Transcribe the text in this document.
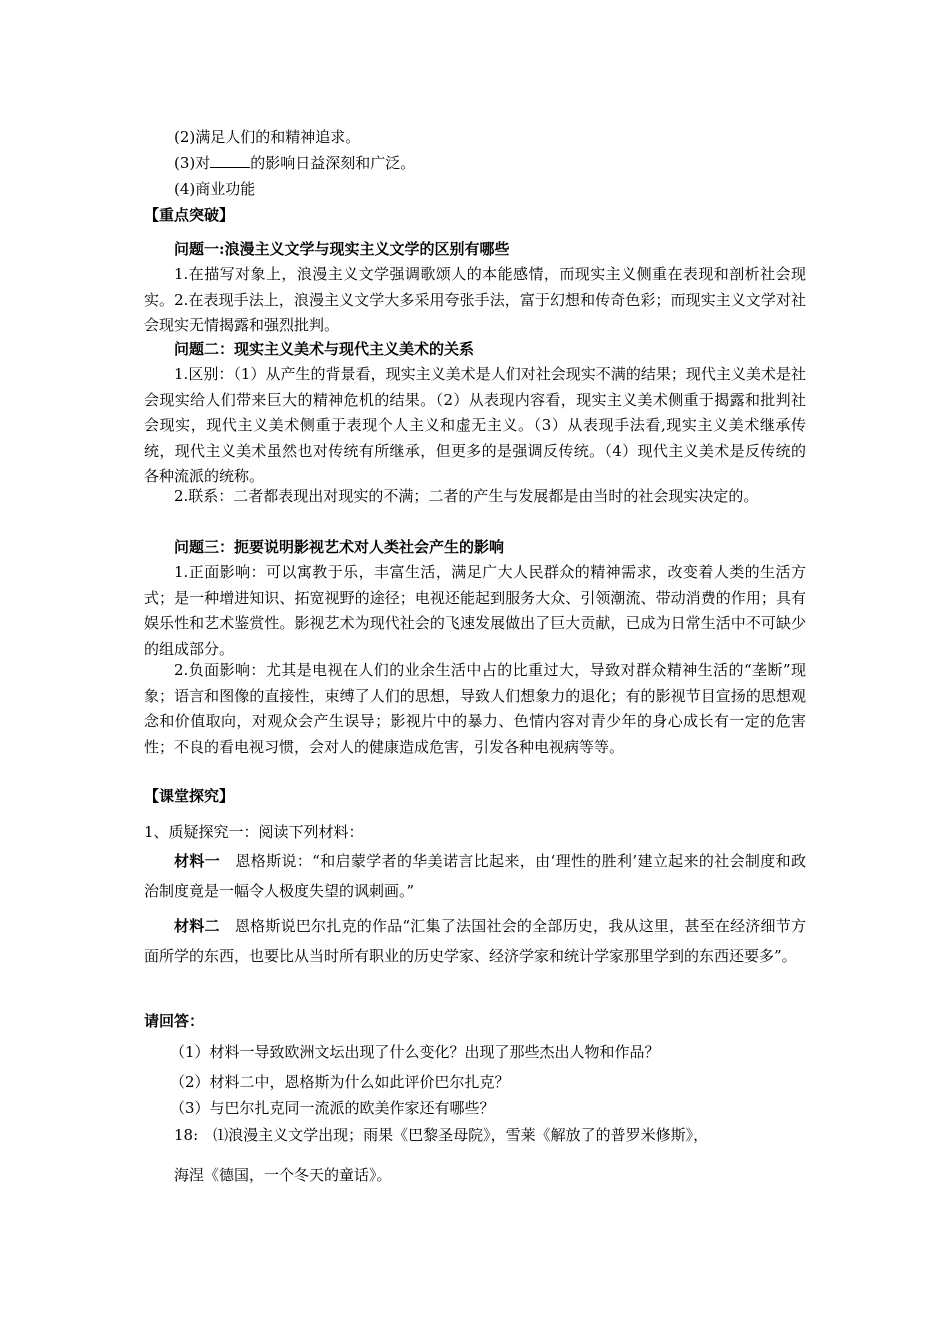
(2)满足人们的和精神追求。
(3)对	的影响日益深刻和广泛。
(4)商业功能
【重点突破】
问题一:浪漫主义文学与现实主义文学的区别有哪些
1.在描写对象上，浪漫主义文学强调歌颂人的本能感情，而现实主义侧重在表现和剖析社会现实。2.在表现手法上，浪漫主义文学大多采用夸张手法，富于幻想和传奇色彩；而现实主义文学对社会现实无情揭露和强烈批判。
问题二：现实主义美术与现代主义美术的关系
1.区别：（1）从产生的背景看，现实主义美术是人们对社会现实不满的结果；现代主义美术是社会现实给人们带来巨大的精神危机的结果。（2）从表现内容看，现实主义美术侧重于揭露和批判社会现实，现代主义美术侧重于表现个人主义和虚无主义。（3）从表现手法看,现实主义美术继承传统，现代主义美术虽然也对传统有所继承，但更多的是强调反传统。（4）现代主义美术是反传统的各种流派的统称。
2.联系：二者都表现出对现实的不满；二者的产生与发展都是由当时的社会现实决定的。
问题三：扼要说明影视艺术对人类社会产生的影响
1.正面影响：可以寓教于乐，丰富生活，满足广大人民群众的精神需求，改变着人类的生活方式；是一种增进知识、拓宽视野的途径；电视还能起到服务大众、引领潮流、带动消费的作用；具有娱乐性和艺术鉴赏性。影视艺术为现代社会的飞速发展做出了巨大贡献，已成为日常生活中不可缺少的组成部分。
2.负面影响：尤其是电视在人们的业余生活中占的比重过大，导致对群众精神生活的“垄断”现象；语言和图像的直接性，束缚了人们的思想，导致人们想象力的退化；有的影视节目宣扬的思想观念和价值取向，对观众会产生误导；影视片中的暴力、色情内容对青少年的身心成长有一定的危害性；不良的看电视习惯，会对人的健康造成危害，引发各种电视病等等。
【课堂探究】
1、质疑探究一：阅读下列材料：
材料一　 恩格斯说：“和启蒙学者的华美诺言比起来，由‘理性的胜利’建立起来的社会制度和政治制度竟是一幅令人极度失望的讽刺画。”
材料二　 恩格斯说巴尔扎克的作品“汇集了法国社会的全部历史，我从这里，甚至在经济细节方面所学的东西，也要比从当时所有职业的历史学家、经济学家和统计学家那里学到的东西还要多”。
请回答：
（1）材料一导致欧洲文坛出现了什么变化？出现了那些杰出人物和作品？
（2）材料二中，恩格斯为什么如此评价巴尔扎克？
（3）与巴尔扎克同一流派的欧美作家还有哪些？
18:　⑴浪漫主义文学出现；雨果《巴黎圣母院》，雪莱《解放了的普罗米修斯》，
海涅《德国，一个冬天的童话》。
